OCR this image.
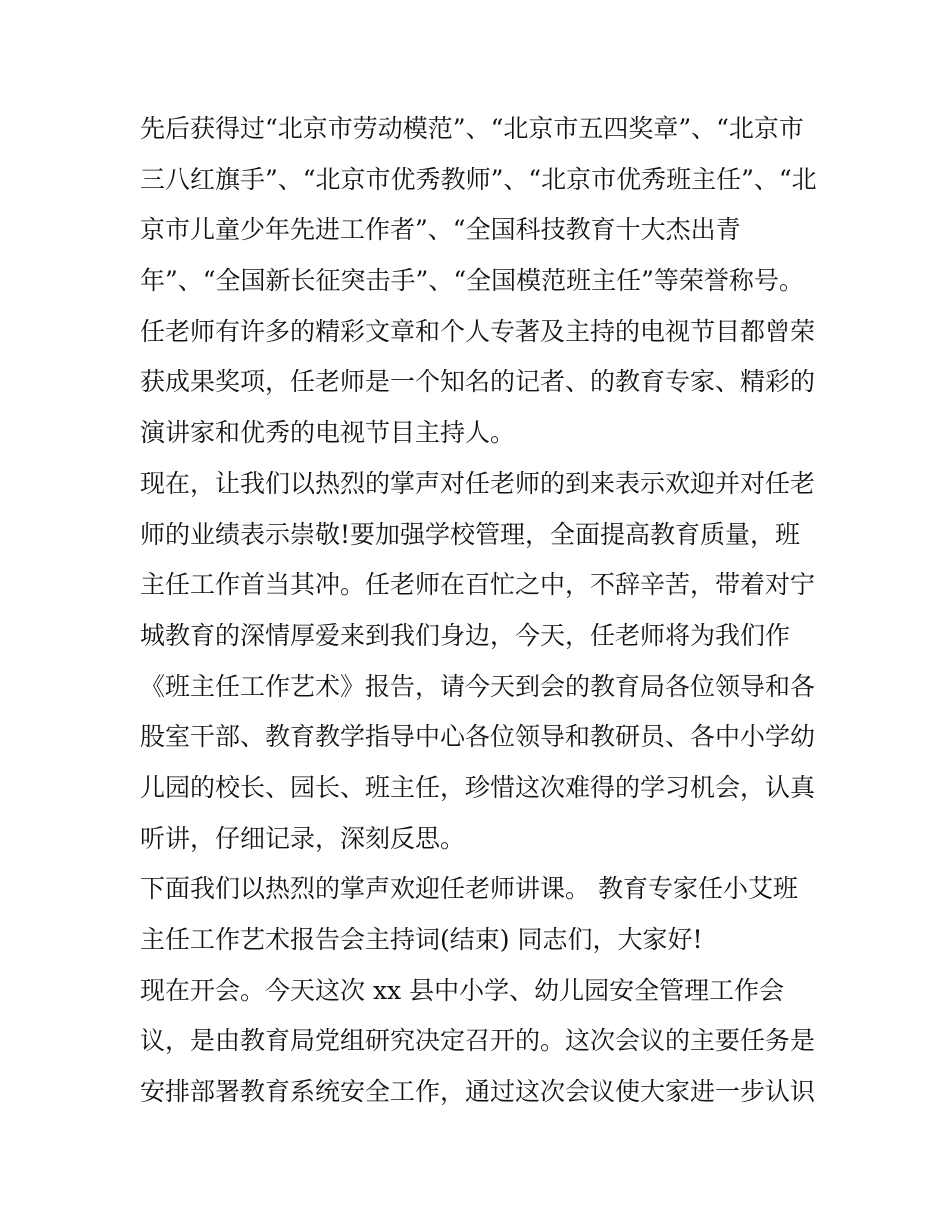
先后获得过“北京市劳动模范”、“北京市五四奖章”、“北京市
三八红旗手”、“北京市优秀教师”、“北京市优秀班主任”、“北
京市儿童少年先进工作者”、“全国科技教育十大杰出青
年”、“全国新长征突击手”、“全国模范班主任”等荣誉称号。
任老师有许多的精彩文章和个人专著及主持的电视节目都曾荣
获成果奖项，任老师是一个知名的记者、的教育专家、精彩的
演讲家和优秀的电视节目主持人。
现在，让我们以热烈的掌声对任老师的到来表示欢迎并对任老
师的业绩表示崇敬!要加强学校管理，全面提高教育质量，班
主任工作首当其冲。任老师在百忙之中，不辞辛苦，带着对宁
城教育的深情厚爱来到我们身边，今天，任老师将为我们作
《班主任工作艺术》报告，请今天到会的教育局各位领导和各
股室干部、教育教学指导中心各位领导和教研员、各中小学幼
儿园的校长、园长、班主任，珍惜这次难得的学习机会，认真
听讲，仔细记录，深刻反思。
下面我们以热烈的掌声欢迎任老师讲课。 教育专家任小艾班
主任工作艺术报告会主持词(结束) 同志们，大家好!
现在开会。今天这次 xx 县中小学、幼儿园安全管理工作会
议，是由教育局党组研究决定召开的。这次会议的主要任务是
安排部署教育系统安全工作，通过这次会议使大家进一步认识
